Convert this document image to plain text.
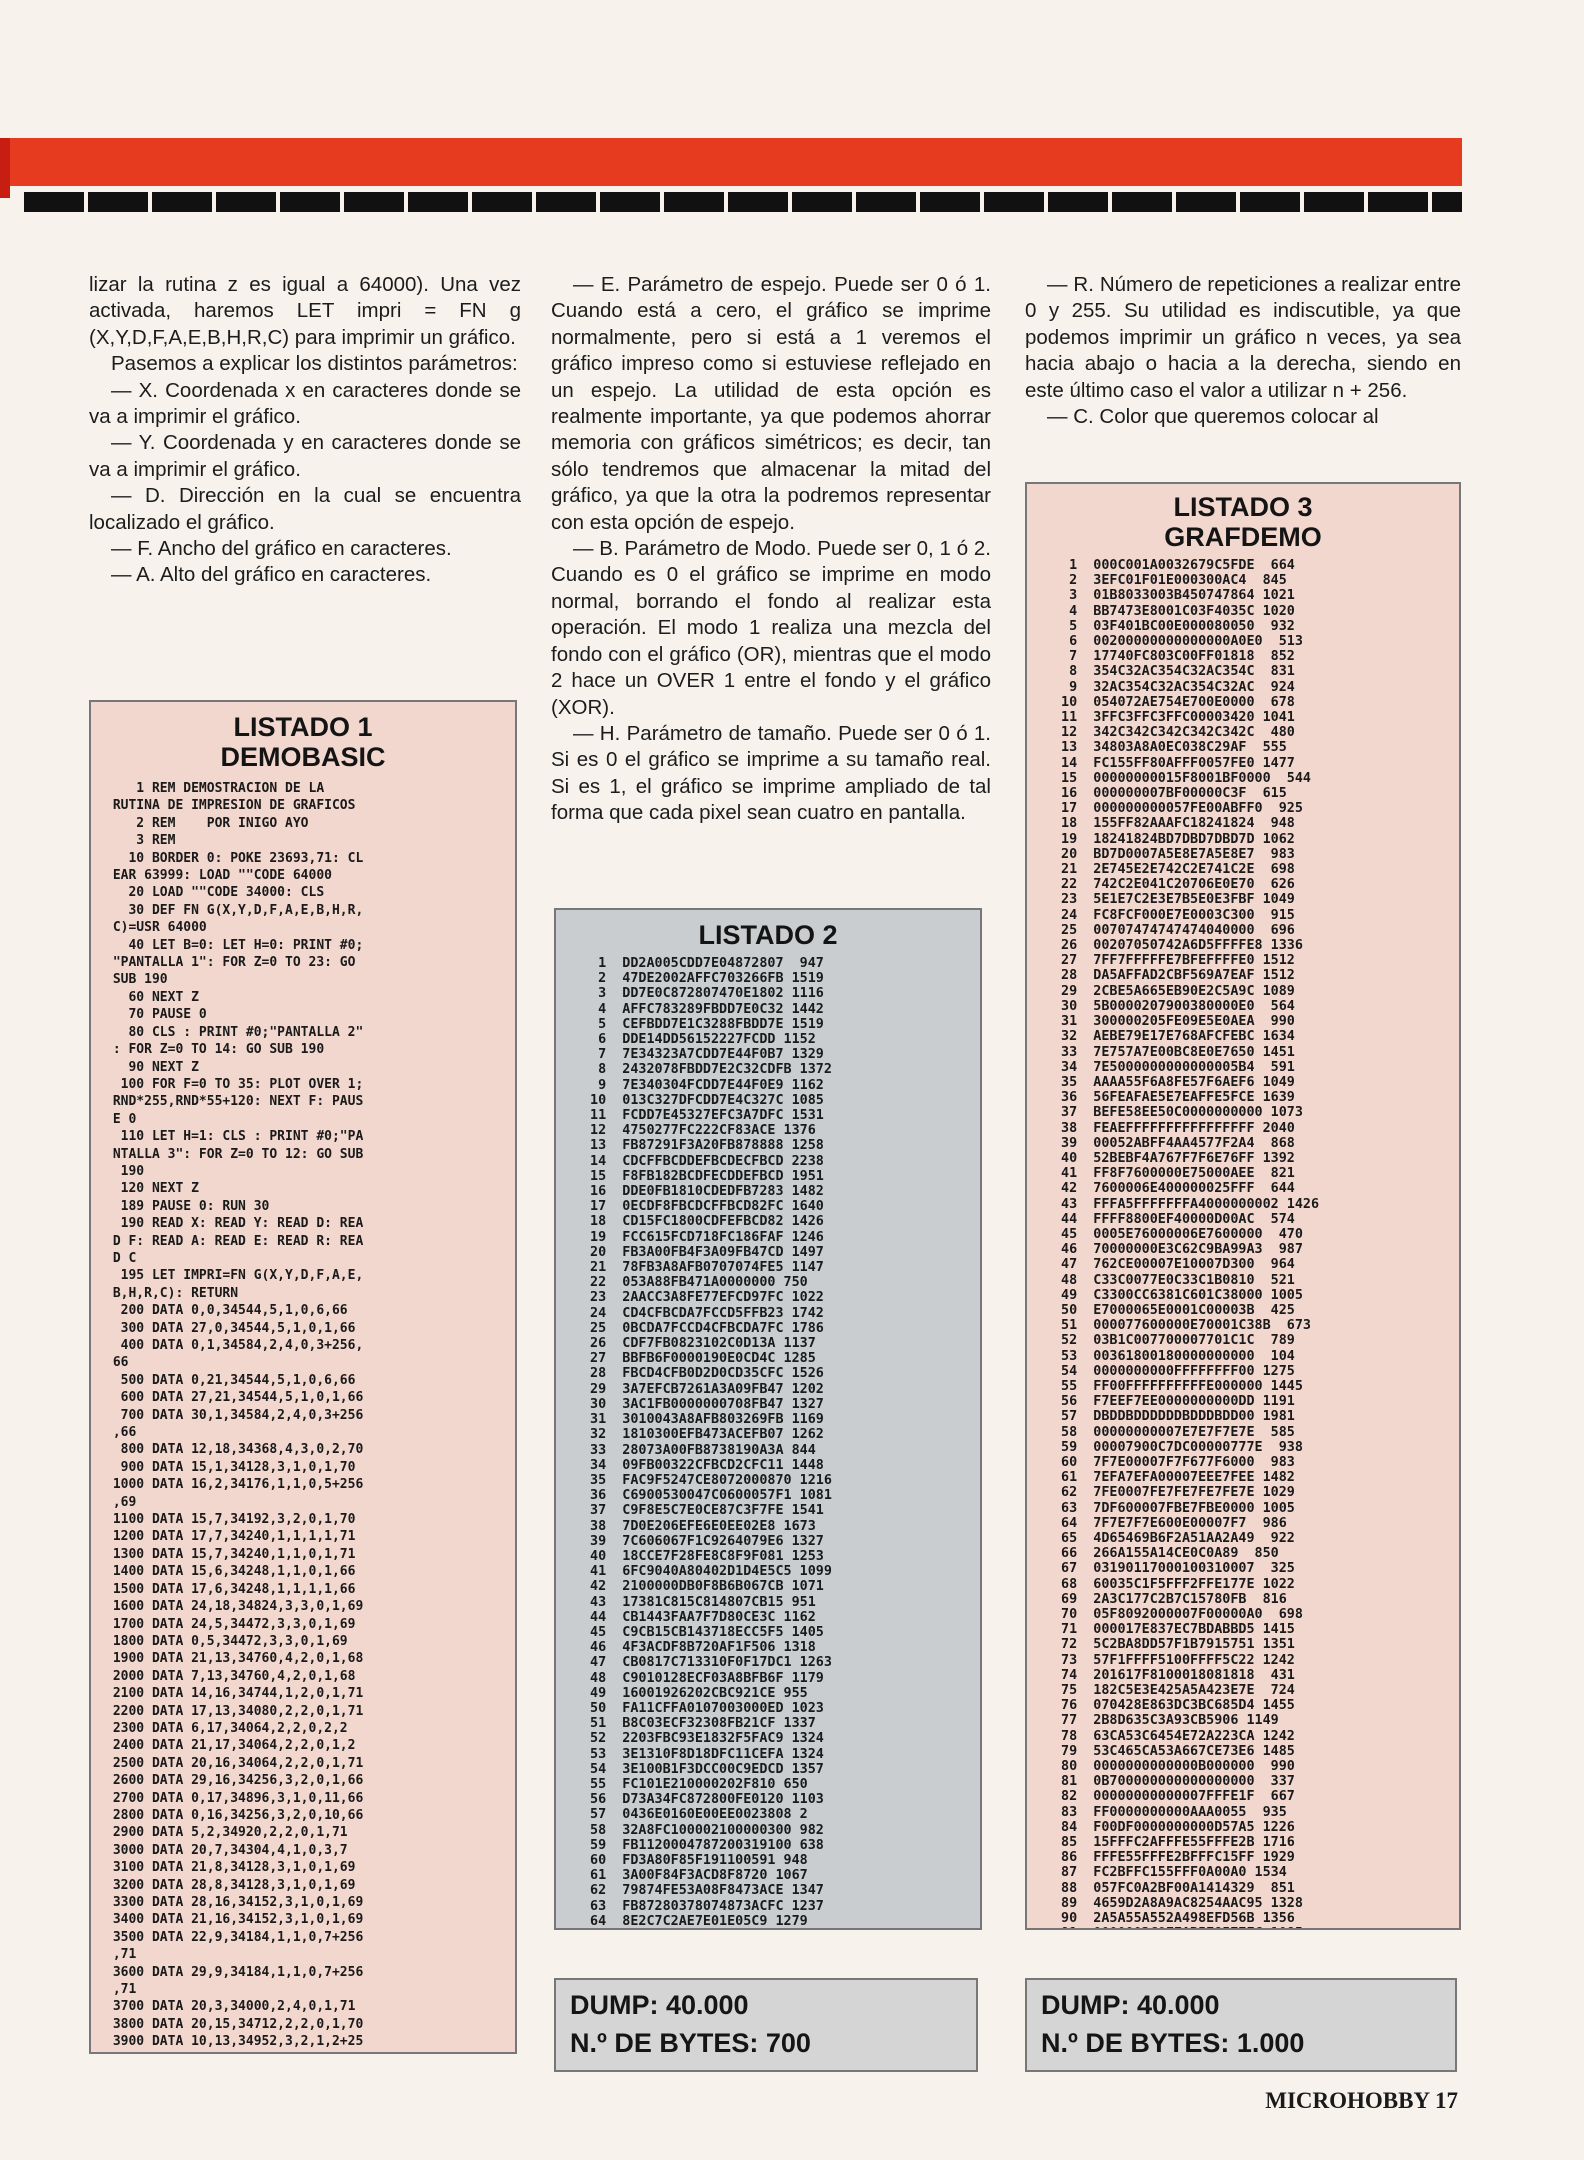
lizar la rutina z es igual a 64000). Una vez activada, haremos LET impri = FN g (X,Y,D,F,A,E,B,H,R,C) para imprimir un gráfico.

Pasemos a explicar los distintos parámetros:

— X. Coordenada x en caracteres donde se va a imprimir el gráfico.

— Y. Coordenada y en caracteres donde se va a imprimir el gráfico.

— D. Dirección en la cual se encuentra localizado el gráfico.

— F. Ancho del gráfico en caracteres.

— A. Alto del gráfico en caracteres.

— E. Parámetro de espejo. Puede ser 0 ó 1. Cuando está a cero, el gráfico se imprime normalmente, pero si está a 1 veremos el gráfico impreso como si estuviese reflejado en un espejo. La utilidad de esta opción es realmente importante, ya que podemos ahorrar memoria con gráficos simétricos; es decir, tan sólo tendremos que almacenar la mitad del gráfico, ya que la otra la podremos representar con esta opción de espejo.

— B. Parámetro de Modo. Puede ser 0, 1 ó 2. Cuando es 0 el gráfico se imprime en modo normal, borrando el fondo al realizar esta operación. El modo 1 realiza una mezcla del fondo con el gráfico (OR), mientras que el modo 2 hace un OVER 1 entre el fondo y el gráfico (XOR).

— H. Parámetro de tamaño. Puede ser 0 ó 1. Si es 0 el gráfico se imprime a su tamaño real. Si es 1, el gráfico se imprime ampliado de tal forma que cada pixel sean cuatro en pantalla.

— R. Número de repeticiones a realizar entre 0 y 255. Su utilidad es indiscutible, ya que podemos imprimir un gráfico n veces, ya sea hacia abajo o hacia a la derecha, siendo en este último caso el valor a utilizar n + 256.

— C. Color que queremos colocar al

LISTADO 1
DEMOBASIC
1 REM DEMOSTRACION DE LA
RUTINA DE IMPRESION DE GRAFICOS
2 REM    POR INIGO AYO
3 REM
10 BORDER 0: POKE 23693,71: CL
EAR 63999: LOAD ""CODE 64000
20 LOAD ""CODE 34000: CLS
30 DEF FN G(X,Y,D,F,A,E,B,H,R,
C)=USR 64000
40 LET B=0: LET H=0: PRINT #0;
"PANTALLA 1": FOR Z=0 TO 23: GO
SUB 190
60 NEXT Z
70 PAUSE 0
80 CLS : PRINT #0;"PANTALLA 2"
: FOR Z=0 TO 14: GO SUB 190
90 NEXT Z
100 FOR F=0 TO 35: PLOT OVER 1;
RND*255,RND*55+120: NEXT F: PAUS
E 0
110 LET H=1: CLS : PRINT #0;"PA
NTALLA 3": FOR Z=0 TO 12: GO SUB
190
120 NEXT Z
189 PAUSE 0: RUN 30
190 READ X: READ Y: READ D: REA
D F: READ A: READ E: READ R: REA
D C
195 LET IMPRI=FN G(X,Y,D,F,A,E,
B,H,R,C): RETURN
200 DATA 0,0,34544,5,1,0,6,66
300 DATA 27,0,34544,5,1,0,1,66
400 DATA 0,1,34584,2,4,0,3+256,
66
500 DATA 0,21,34544,5,1,0,6,66
600 DATA 27,21,34544,5,1,0,1,66
700 DATA 30,1,34584,2,4,0,3+256
,66
800 DATA 12,18,34368,4,3,0,2,70
900 DATA 15,1,34128,3,1,0,1,70
1000 DATA 16,2,34176,1,1,0,5+256
,69
1100 DATA 15,7,34192,3,2,0,1,70
1200 DATA 17,7,34240,1,1,1,1,71
1300 DATA 15,7,34240,1,1,0,1,71
1400 DATA 15,6,34248,1,1,0,1,66
1500 DATA 17,6,34248,1,1,1,1,66
1600 DATA 24,18,34824,3,3,0,1,69
1700 DATA 24,5,34472,3,3,0,1,69
1800 DATA 0,5,34472,3,3,0,1,69
1900 DATA 21,13,34760,4,2,0,1,68
2000 DATA 7,13,34760,4,2,0,1,68
2100 DATA 14,16,34744,1,2,0,1,71
2200 DATA 17,13,34080,2,2,0,1,71
2300 DATA 6,17,34064,2,2,0,2,2
2400 DATA 21,17,34064,2,2,0,1,2
2500 DATA 20,16,34064,2,2,0,1,71
2600 DATA 29,16,34256,3,2,0,1,66
2700 DATA 0,17,34896,3,1,0,11,66
2800 DATA 0,16,34256,3,2,0,10,66
2900 DATA 5,2,34920,2,2,0,1,71
3000 DATA 20,7,34304,4,1,0,3,7
3100 DATA 21,8,34128,3,1,0,1,69
3200 DATA 28,8,34128,3,1,0,1,69
3300 DATA 28,16,34152,3,1,0,1,69
3400 DATA 21,16,34152,3,1,0,1,69
3500 DATA 22,9,34184,1,1,0,7+256
,71
3600 DATA 29,9,34184,1,1,0,7+256
,71
3700 DATA 20,3,34000,2,4,0,1,71
3800 DATA 20,15,34712,2,2,0,1,70
3900 DATA 10,13,34952,3,2,1,2+25

LISTADO 2
1  DD2A005CDD7E04872807  947
2  47DE2002AFFC703266FB 1519
3  DD7E0C872807470E1802 1116
4  AFFC783289FBDD7E0C32 1442
5  CEFBDD7E1C3288FBDD7E 1519
6  DDE14DD56152227FCDD 1152
7  7E34323A7CDD7E44F0B7 1329
8  2432078FBDD7E2C32CDFB 1372
9  7E340304FCDD7E44F0E9 1162
10  013C327DFCDD7E4C327C 1085
11  FCDD7E45327EFC3A7DFC 1531
12  4750277FC222CF83ACE 1376
13  FB87291F3A20FB878888 1258
14  CDCFFBCDDEFBCDECFBCD 2238
15  F8FB182BCDFECDDEFBCD 1951
16  DDE0FB1810CDEDFB7283 1482
17  0ECDF8FBCDCFFBCD82FC 1640
18  CD15FC1800CDFEFBCD82 1426
19  FCC615FCD718FC186FAF 1246
20  FB3A00FB4F3A09FB47CD 1497
21  78FB3A8AFB0707074FE5 1147
22  053A88FB471A0000000 750
23  2AACC3A8FE77EFCD97FC 1022
24  CD4CFBCDA7FCCD5FFB23 1742
25  0BCDA7FCCD4CFBCDA7FC 1786
26  CDF7FB0823102C0D13A 1137
27  BBFB6F0000190E0CD4C 1285
28  FBCD4CFB0D2D0CD35CFC 1526
29  3A7EFCB7261A3A09FB47 1202
30  3AC1FB0000000708FB47 1327
31  3010043A8AFB803269FB 1169
32  1810300EFB473ACEFB07 1262
33  28073A00FB8738190A3A 844
34  09FB00322CFBCD2CFC11 1448
35  FAC9F5247CE8072000870 1216
36  C6900530047C0600057F1 1081
37  C9F8E5C7E0CE87C3F7FE 1541
38  7D0E206EFE6E0EE02E8 1673
39  7C606067F1C9264079E6 1327
40  18CCE7F28FE8C8F9F081 1253
41  6FC9040A80402D1D4E5C5 1099
42  2100000DB0F8B6B067CB 1071
43  17381C815C814807CB15 951
44  CB1443FAA7F7D80CE3C 1162
45  C9CB15CB143718ECC5F5 1405
46  4F3ACDF8B720AF1F506 1318
47  CB0817C713310F0F17DC1 1263
48  C9010128ECF03A8BFB6F 1179
49  16001926202CBC921CE 955
50  FA11CFFA0107003000ED 1023
51  B8C03ECF32308FB21CF 1337
52  2203FBC93E1832F5FAC9 1324
53  3E1310F8D18DFC11CEFA 1324
54  3E100B1F3DCC00C9EDCD 1357
55  FC101E210000202F810 650
56  D73A34FC872800FE0120 1103
57  0436E0160E00EE0023808 2
58  32A8FC100002100000300 982
59  FB1120004787200319100 638
60  FD3A80F85F191100591 948
61  3A00F84F3ACD8F8720 1067
62  79874FE53A08F8473ACE 1347
63  FB87280378074873ACFC 1237
64  8E2C7C2AE7E01E05C9 1279

LISTADO 3
GRAFDEMO
1  000C001A0032679C5FDE  664
2  3EFC01F01E000300AC4  845
3  01B8033003B450747864 1021
4  BB7473E8001C03F4035C 1020
5  03F401BC00E000080050  932
6  00200000000000000A0E0  513
7  17740FC803C00FF01818  852
8  354C32AC354C32AC354C  831
9  32AC354C32AC354C32AC  924
10  054072AE754E700E0000  678
11  3FFC3FFC3FFC00003420 1041
12  342C342C342C342C342C  480
13  34803A8A0EC038C29AF  555
14  FC155FF80AFFF0057FE0 1477
15  00000000015F8001BF0000  544
16  000000007BF00000C3F  615
17  000000000057FE00ABFF0  925
18  155FF82AAAFC18241824  948
19  18241824BD7DBD7DBD7D 1062
20  BD7D0007A5E8E7A5E8E7  983
21  2E745E2E742C2E741C2E  698
22  742C2E041C20706E0E70  626
23  5E1E7C2E3E7B5E0E3FBF 1049
24  FC8FCF000E7E0003C300  915
25  00707474747474040000  696
26  00207050742A6D5FFFFE8 1336
27  7FF7FFFFFE7BFEFFFFE0 1512
28  DA5AFFAD2CBF569A7EAF 1512
29  2CBE5A665EB90E2C5A9C 1089
30  5B0000207900380000E0  564
31  300000205FE09E5E0AEA  990
32  AEBE79E17E768AFCFEBC 1634
33  7E757A7E00BC8E0E7650 1451
34  7E5000000000000005B4  591
35  AAAA55F6A8FE57F6AEF6 1049
36  56FEAFAE5E7EAFFE5FCE 1639
37  BEFE58EE50C0000000000 1073
38  FEAEFFFFFFFFFFFFFFFF 2040
39  00052ABFF4AA4577F2A4  868
40  52BEBF4A767F7F6E76FF 1392
41  FF8F7600000E75000AEE  821
42  7600006E400000025FFF  644
43  FFFA5FFFFFFFA4000000002 1426
44  FFFF8800EF40000D00AC  574
45  0005E76000006E7600000  470
46  70000000E3C62C9BA99A3  987
47  762CE00007E10007D300  964
48  C33C0077E0C33C1B0810  521
49  C3300CC6381C601C38000 1005
50  E7000065E0001C00003B  425
51  000077600000E70001C38B  673
52  03B1C007700007701C1C  789
53  00361800180000000000  104
54  0000000000FFFFFFFF00 1275
55  FF00FFFFFFFFFFE000000 1445
56  F7EEF7EE0000000000DD 1191
57  DBDDBDDDDDDBDDDBDD00 1981
58  00000000007E7E7F7E7E  585
59  00007900C7DC00000777E  938
60  7F7E00007F7F677F6000  983
61  7EFA7EFA00007EEE7FEE 1482
62  7FE0007FE7FE7FE7FE7E 1029
63  7DF600007FBE7FBE0000 1005
64  7F7E7F7E600E00007F7  986
65  4D65469B6F2A51AA2A49  922
66  266A155A14CE0C0A89  850
67  03190117000100310007  325
68  60035C1F5FFF2FFE177E 1022
69  2A3C177C2B7C15780FB  816
70  05F8092000007F00000A0  698
71  000017E837EC7BDABBD5 1415
72  5C2BA8DD57F1B7915751 1351
73  57F1FFFF5100FFFF5C22 1242
74  201617F8100018081818  431
75  182C5E3E425A5A423E7E  724
76  070428E863DC3BC685D4 1455
77  2B8D635C3A93CB5906 1149
78  63CA53C6454E72A223CA 1242
79  53C465CA53A667CE73E6 1485
80  0000000000000B000000  990
81  0B700000000000000000  337
82  00000000000007FFFE1F  667
83  FF0000000000AAA0055  935
84  F00DF0000000000D57A5 1226
85  15FFFC2AFFFE55FFFE2B 1716
86  FFFE55FFFE2BFFFC15FF 1929
87  FC2BFFC155FFF0A00A0 1534
88  057FC0A2BF00A1414329  851
89  4659D2A8A9AC8254AAC95 1328
90  2A5A55A552A498EFD56B 1356

DUMP: 40.000
N.º DE BYTES: 700
DUMP: 40.000
N.º DE BYTES: 1.000
MICROHOBBY 17
